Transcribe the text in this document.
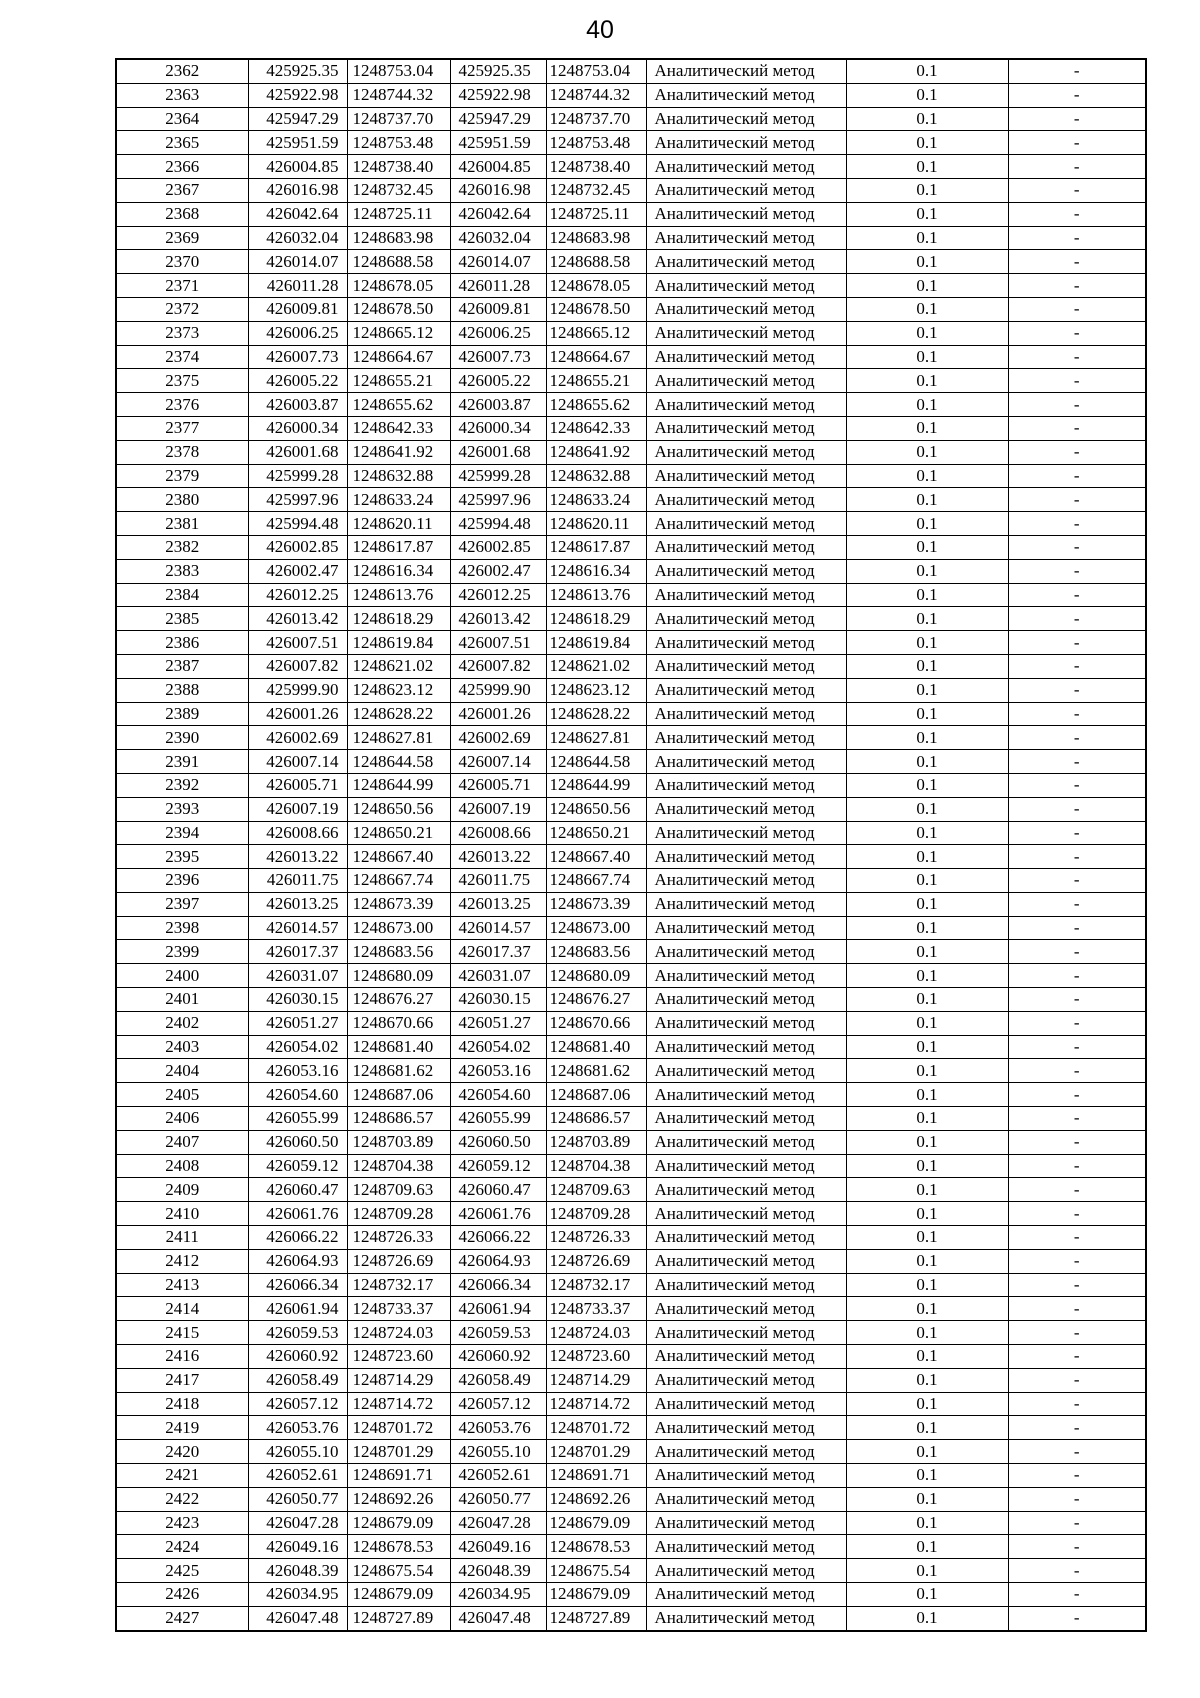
40
2362	425925.35	1248753.04	425925.35	1248753.04	Аналитический метод	0.1	-
2363	425922.98	1248744.32	425922.98	1248744.32	Аналитический метод	0.1	-
2364	425947.29	1248737.70	425947.29	1248737.70	Аналитический метод	0.1	-
2365	425951.59	1248753.48	425951.59	1248753.48	Аналитический метод	0.1	-
2366	426004.85	1248738.40	426004.85	1248738.40	Аналитический метод	0.1	-
2367	426016.98	1248732.45	426016.98	1248732.45	Аналитический метод	0.1	-
2368	426042.64	1248725.11	426042.64	1248725.11	Аналитический метод	0.1	-
2369	426032.04	1248683.98	426032.04	1248683.98	Аналитический метод	0.1	-
2370	426014.07	1248688.58	426014.07	1248688.58	Аналитический метод	0.1	-
2371	426011.28	1248678.05	426011.28	1248678.05	Аналитический метод	0.1	-
2372	426009.81	1248678.50	426009.81	1248678.50	Аналитический метод	0.1	-
2373	426006.25	1248665.12	426006.25	1248665.12	Аналитический метод	0.1	-
2374	426007.73	1248664.67	426007.73	1248664.67	Аналитический метод	0.1	-
2375	426005.22	1248655.21	426005.22	1248655.21	Аналитический метод	0.1	-
2376	426003.87	1248655.62	426003.87	1248655.62	Аналитический метод	0.1	-
2377	426000.34	1248642.33	426000.34	1248642.33	Аналитический метод	0.1	-
2378	426001.68	1248641.92	426001.68	1248641.92	Аналитический метод	0.1	-
2379	425999.28	1248632.88	425999.28	1248632.88	Аналитический метод	0.1	-
2380	425997.96	1248633.24	425997.96	1248633.24	Аналитический метод	0.1	-
2381	425994.48	1248620.11	425994.48	1248620.11	Аналитический метод	0.1	-
2382	426002.85	1248617.87	426002.85	1248617.87	Аналитический метод	0.1	-
2383	426002.47	1248616.34	426002.47	1248616.34	Аналитический метод	0.1	-
2384	426012.25	1248613.76	426012.25	1248613.76	Аналитический метод	0.1	-
2385	426013.42	1248618.29	426013.42	1248618.29	Аналитический метод	0.1	-
2386	426007.51	1248619.84	426007.51	1248619.84	Аналитический метод	0.1	-
2387	426007.82	1248621.02	426007.82	1248621.02	Аналитический метод	0.1	-
2388	425999.90	1248623.12	425999.90	1248623.12	Аналитический метод	0.1	-
2389	426001.26	1248628.22	426001.26	1248628.22	Аналитический метод	0.1	-
2390	426002.69	1248627.81	426002.69	1248627.81	Аналитический метод	0.1	-
2391	426007.14	1248644.58	426007.14	1248644.58	Аналитический метод	0.1	-
2392	426005.71	1248644.99	426005.71	1248644.99	Аналитический метод	0.1	-
2393	426007.19	1248650.56	426007.19	1248650.56	Аналитический метод	0.1	-
2394	426008.66	1248650.21	426008.66	1248650.21	Аналитический метод	0.1	-
2395	426013.22	1248667.40	426013.22	1248667.40	Аналитический метод	0.1	-
2396	426011.75	1248667.74	426011.75	1248667.74	Аналитический метод	0.1	-
2397	426013.25	1248673.39	426013.25	1248673.39	Аналитический метод	0.1	-
2398	426014.57	1248673.00	426014.57	1248673.00	Аналитический метод	0.1	-
2399	426017.37	1248683.56	426017.37	1248683.56	Аналитический метод	0.1	-
2400	426031.07	1248680.09	426031.07	1248680.09	Аналитический метод	0.1	-
2401	426030.15	1248676.27	426030.15	1248676.27	Аналитический метод	0.1	-
2402	426051.27	1248670.66	426051.27	1248670.66	Аналитический метод	0.1	-
2403	426054.02	1248681.40	426054.02	1248681.40	Аналитический метод	0.1	-
2404	426053.16	1248681.62	426053.16	1248681.62	Аналитический метод	0.1	-
2405	426054.60	1248687.06	426054.60	1248687.06	Аналитический метод	0.1	-
2406	426055.99	1248686.57	426055.99	1248686.57	Аналитический метод	0.1	-
2407	426060.50	1248703.89	426060.50	1248703.89	Аналитический метод	0.1	-
2408	426059.12	1248704.38	426059.12	1248704.38	Аналитический метод	0.1	-
2409	426060.47	1248709.63	426060.47	1248709.63	Аналитический метод	0.1	-
2410	426061.76	1248709.28	426061.76	1248709.28	Аналитический метод	0.1	-
2411	426066.22	1248726.33	426066.22	1248726.33	Аналитический метод	0.1	-
2412	426064.93	1248726.69	426064.93	1248726.69	Аналитический метод	0.1	-
2413	426066.34	1248732.17	426066.34	1248732.17	Аналитический метод	0.1	-
2414	426061.94	1248733.37	426061.94	1248733.37	Аналитический метод	0.1	-
2415	426059.53	1248724.03	426059.53	1248724.03	Аналитический метод	0.1	-
2416	426060.92	1248723.60	426060.92	1248723.60	Аналитический метод	0.1	-
2417	426058.49	1248714.29	426058.49	1248714.29	Аналитический метод	0.1	-
2418	426057.12	1248714.72	426057.12	1248714.72	Аналитический метод	0.1	-
2419	426053.76	1248701.72	426053.76	1248701.72	Аналитический метод	0.1	-
2420	426055.10	1248701.29	426055.10	1248701.29	Аналитический метод	0.1	-
2421	426052.61	1248691.71	426052.61	1248691.71	Аналитический метод	0.1	-
2422	426050.77	1248692.26	426050.77	1248692.26	Аналитический метод	0.1	-
2423	426047.28	1248679.09	426047.28	1248679.09	Аналитический метод	0.1	-
2424	426049.16	1248678.53	426049.16	1248678.53	Аналитический метод	0.1	-
2425	426048.39	1248675.54	426048.39	1248675.54	Аналитический метод	0.1	-
2426	426034.95	1248679.09	426034.95	1248679.09	Аналитический метод	0.1	-
2427	426047.48	1248727.89	426047.48	1248727.89	Аналитический метод	0.1	-
